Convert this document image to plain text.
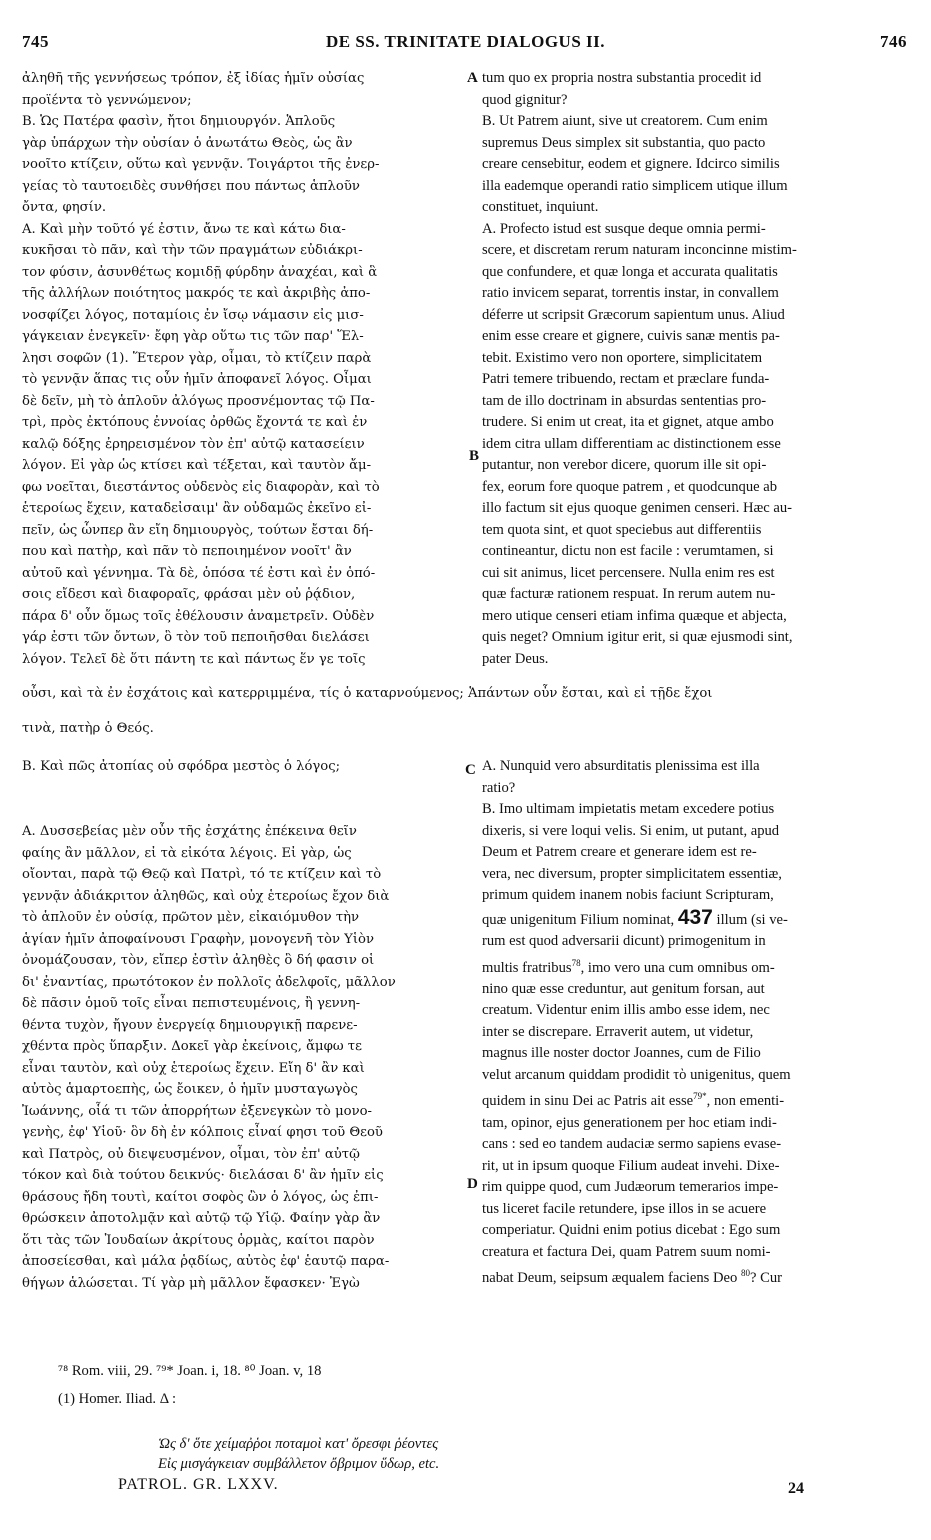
745	DE SS. TRINITATE DIALOGUS II.	746

ἀληθῆ τῆς γεννήσεως τρόπον, ἐξ ἰδίας ἡμῖν οὐσίας

προϊέντα τὸ γεννώμενον;

B. Ὡς Πατέρα φασὶν, ἤτοι δημιουργόν. Ἁπλοῦς

γὰρ ὑπάρχων τὴν οὐσίαν ὁ ἀνωτάτω Θεὸς, ὡς ἂν

νοοῖτο κτίζειν, οὕτω καὶ γεννᾷν. Τοιγάρτοι τῆς ἐνερ-

γείας τὸ ταυτοειδὲς συνθήσει που πάντως ἁπλοῦν

ὄντα, φησίν.

A. Καὶ μὴν τοῦτό γέ ἐστιν, ἄνω τε καὶ κάτω δια-

κυκῆσαι τὸ πᾶν, καὶ τὴν τῶν πραγμάτων εὐδιάκρι-

τον φύσιν, ἀσυνθέτως κομιδῇ φύρδην ἀναχέαι, καὶ ἃ

τῆς ἀλλήλων ποιότητος μακρός τε καὶ ἀκριβὴς ἀπο-

νοσφίζει λόγος, ποταμίοις ἐν ἴσῳ νάμασιν εἰς μισ-

γάγκειαν ἐνεγκεῖν· ἔφη γὰρ οὕτω τις τῶν παρ' Ἕλ-

λησι σοφῶν (1). Ἕτερον γὰρ, οἶμαι, τὸ κτίζειν παρὰ

τὸ γεννᾷν ἅπας τις οὖν ἡμῖν ἀποφανεῖ λόγος. Οἶμαι

δὲ δεῖν, μὴ τὸ ἁπλοῦν ἀλόγως προσνέμοντας τῷ Πα-

τρὶ, πρὸς ἐκτόπους ἐννοίας ὀρθῶς ἔχοντά τε καὶ ἐν

καλῷ δόξης ἐρηρεισμένον τὸν ἐπ' αὐτῷ κατασείειν

λόγον. Εἰ γὰρ ὡς κτίσει καὶ τέξεται, καὶ ταυτὸν ἄμ-

φω νοεῖται, διεστάντος οὐδενὸς εἰς διαφορὰν, καὶ τὸ

ἑτεροίως ἔχειν, καταδεἰσαιμ' ἂν οὐδαμῶς ἐκεῖνο εἰ-

πεῖν, ὡς ὧνπερ ἂν εἴη δημιουργὸς, τούτων ἔσται δή-

που καὶ πατὴρ, καὶ πᾶν τὸ πεποιημένον νοοῖτ' ἂν

αὐτοῦ καὶ γέννημα. Τὰ δὲ, ὁπόσα τέ ἐστι καὶ ἐν ὁπό-

σοις εἴδεσι καὶ διαφοραῖς, φράσαι μὲν οὐ ῥᾴδιον,

πάρα δ' οὖν ὅμως τοῖς ἐθέλουσιν ἀναμετρεῖν. Οὐδὲν

γάρ ἐστι τῶν ὄντων, ὃ τὸν τοῦ πεποιῆσθαι διελάσει

λόγον. Τελεῖ δὲ ὅτι πάντη τε καὶ πάντως ἕν γε τοῖς

tum quo ex propria nostra substantia procedit id

quod gignitur?

B. Ut Patrem aiunt, sive ut creatorem. Cum enim

supremus Deus simplex sit substantia, quo pacto

creare censebitur, eodem et gignere. Idcirco similis

illa eademque operandi ratio simplicem utique illum

constituet, inquiunt.

A. Profecto istud est susque deque omnia permi-

scere, et discretam rerum naturam inconcinne mistim-

que confundere, et quæ longa et accurata qualitatis

ratio invicem separat, torrentis instar, in convallem

déferre ut scripsit Græcorum sapientum unus. Aliud

enim esse creare et gignere, cuivis sanæ mentis pa-

tebit. Existimo vero non oportere, simplicitatem

Patri temere tribuendo, rectam et præclare funda-

tam de illo doctrinam in absurdas sententias pro-

trudere. Si enim ut creat, ita et gignet, atque ambo

idem citra ullam differentiam ac distinctionem esse

putantur, non verebor dicere, quorum ille sit opi-

fex, eorum fore quoque patrem , et quodcunque ab

illo factum sit ejus quoque genimen censeri. Hæc au-

tem quota sint, et quot speciebus aut differentiis

contineantur, dictu non est facile : verumtamen, si

cui sit animus, licet percensere. Nulla enim res est

quæ facturæ rationem respuat. In rerum autem nu-

mero utique censeri etiam infima quæque et abjecta,

quis neget? Omnium igitur erit, si quæ ejusmodi sint,

pater Deus.

A
B

οὖσι, καὶ τὰ ἐν ἐσχάτοις καὶ κατερριμμένα, τίς ὁ καταρνούμενος; Ἁπάντων οὖν ἔσται, καὶ εἰ τῇδε ἔχοι

τινὰ, πατὴρ ὁ Θεός.

B. Καὶ πῶς ἀτοπίας οὐ σφόδρα μεστὸς ὁ λόγος;	C A. Nunquid vero absurditatis plenissima est illa

ratio?

A. Δυσσεβείας μὲν οὖν τῆς ἐσχάτης ἐπέκεινα θεῖν

φαίης ἂν μᾶλλον, εἰ τὰ εἰκότα λέγοις. Εἰ γὰρ, ὡς

οἴονται, παρὰ τῷ Θεῷ καὶ Πατρὶ, τό τε κτίζειν καὶ τὸ

γεννᾷν ἀδιάκριτον ἀληθῶς, καὶ οὐχ ἑτεροίως ἔχον διὰ

τὸ ἁπλοῦν ἐν οὐσίᾳ, πρῶτον μὲν, εἰκαιόμυθον τὴν

ἁγίαν ἡμῖν ἀποφαίνουσι Γραφὴν, μονογενῆ τὸν Υἱὸν

ὀνομάζουσαν, τὸν, εἴπερ ἐστὶν ἀληθὲς ὃ δή φασιν οἱ

δι' ἐναντίας, πρωτότοκον ἐν πολλοῖς ἀδελφοῖς, μᾶλλον

δὲ πᾶσιν ὁμοῦ τοῖς εἶναι πεπιστευμένοις, ἢ γεννη-

θέντα τυχὸν, ἤγουν ἐνεργείᾳ δημιουργικῇ παρενε-

χθέντα πρὸς ὕπαρξιν. Δοκεῖ γὰρ ἐκείνοις, ἄμφω τε

εἶναι ταυτὸν, καὶ οὐχ ἑτεροίως ἔχειν. Εἴη δ' ἂν καὶ

αὐτὸς ἁμαρτοεπὴς, ὡς ἔοικεν, ὁ ἡμῖν μυσταγωγὸς

Ἰωάννης, οἷά τι τῶν ἀπορρήτων ἐξενεγκὼν τὸ μονο-

γενὴς, ἐφ' Υἱοῦ· ὃν δὴ ἐν κόλποις εἶναί φησι τοῦ Θεοῦ

καὶ Πατρὸς, οὐ διεψευσμένον, οἶμαι, τὸν ἐπ' αὐτῷ

τόκον καὶ διὰ τούτου δεικνύς· διελάσαι δ' ἂν ἡμῖν εἰς

θράσους ἤδη τουτὶ, καίτοι σοφὸς ὢν ὁ λόγος, ὡς ἐπι-

θρώσκειν ἀποτολμᾷν καὶ αὐτῷ τῷ Υἱῷ. Φαίην γὰρ ἂν

ὅτι τὰς τῶν Ἰουδαίων ἀκρίτους ὁρμὰς, καίτοι παρὸν

ἀποσείεσθαι, καὶ μάλα ῥᾳδίως, αὐτὸς ἐφ' ἑαυτῷ παρα-

θήγων ἁλώσεται. Τί γὰρ μὴ μᾶλλον ἔφασκεν· Ἐγὼ

B. Imo ultimam impietatis metam excedere potius

dixeris, si vere loqui velis. Si enim, ut putant, apud

Deum et Patrem creare et generare idem est re-

vera, nec diversum, propter simplicitatem essentiæ,

primum quidem inanem nobis faciunt Scripturam,

quæ unigenitum Filium nominat, 437 illum (si ve-

rum est quod adversarii dicunt) primogenitum in

multis fratribus$^{78}$, imo vero una cum omnibus om-

nino quæ esse creduntur, aut genitum forsan, aut

creatum. Videntur enim illis ambo esse idem, nec

inter se discrepare. Erraverit autem, ut videtur,

magnus ille noster doctor Joannes, cum de Filio

velut arcanum quiddam prodidit τὸ unigenitus, quem

quidem in sinu Dei ac Patris ait esse$^{79*}$, non ementi-

tam, opinor, ejus generationem per hoc etiam indi-

cans : sed eo tandem audaciæ sermo sapiens evase-

rit, ut in ipsum quoque Filium audeat invehi. Dixe-

rim quippe quod, cum Judæorum temerarios impe-

tus liceret facile retundere, ipse illos in se acuere

comperiatur. Quidni enim potius dicebat : Ego sum

creatura et factura Dei, quam Patrem suum nomi-

nabat Deum, seipsum æqualem faciens Deo $^{80}$? Cur

D

⁷⁸ Rom. viii, 29. ⁷⁹* Joan. i, 18. ⁸⁰ Joan. v, 18

(1) Homer. Iliad. Δ :

Ὡς δ' ὅτε χείμαῤῥοι ποταμοὶ κατ' ὄρεσφι ῥέοντες

Εἰς μισγάγκειαν συμβάλλετον ὄβριμον ὕδωρ, etc.

PATROL. GR. LXXV.	24
